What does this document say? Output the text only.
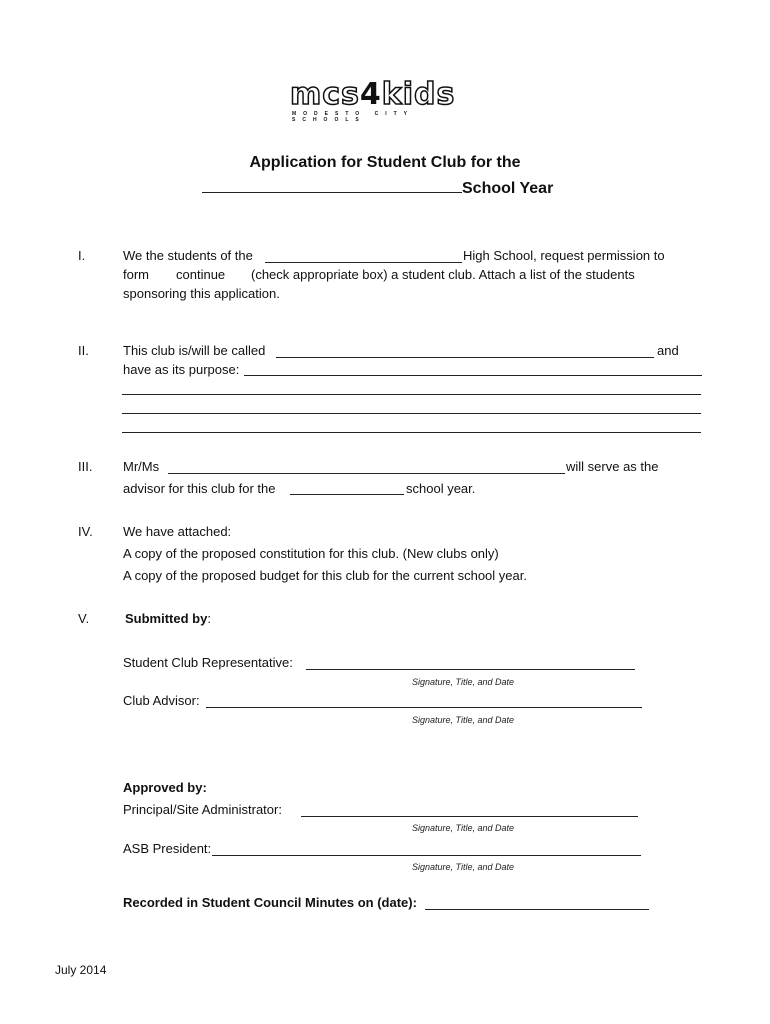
mcs4kids
MODESTO CITY SCHOOLS
Application for Student Club for the
School Year
I.	We the students of the	High School, request permission to
form continue (check appropriate box) a student club. Attach a list of the students
sponsoring this application.
II.	This club is/will be called	and
have as its purpose:
III. Mr/Ms	will serve as the
advisor for this club for the	school year.
IV. We have attached:
A copy of the proposed constitution for this club. (New clubs only)
A copy of the proposed budget for this club for the current school year.
V.	Submitted by:
Student Club Representative:
Signature, Title, and Date
Club Advisor:
Signature, Title, and Date
Approved by:
Principal/Site Administrator:
Signature, Title, and Date
ASB President:
Signature, Title, and Date
Recorded in Student Council Minutes on (date):
July 2014
